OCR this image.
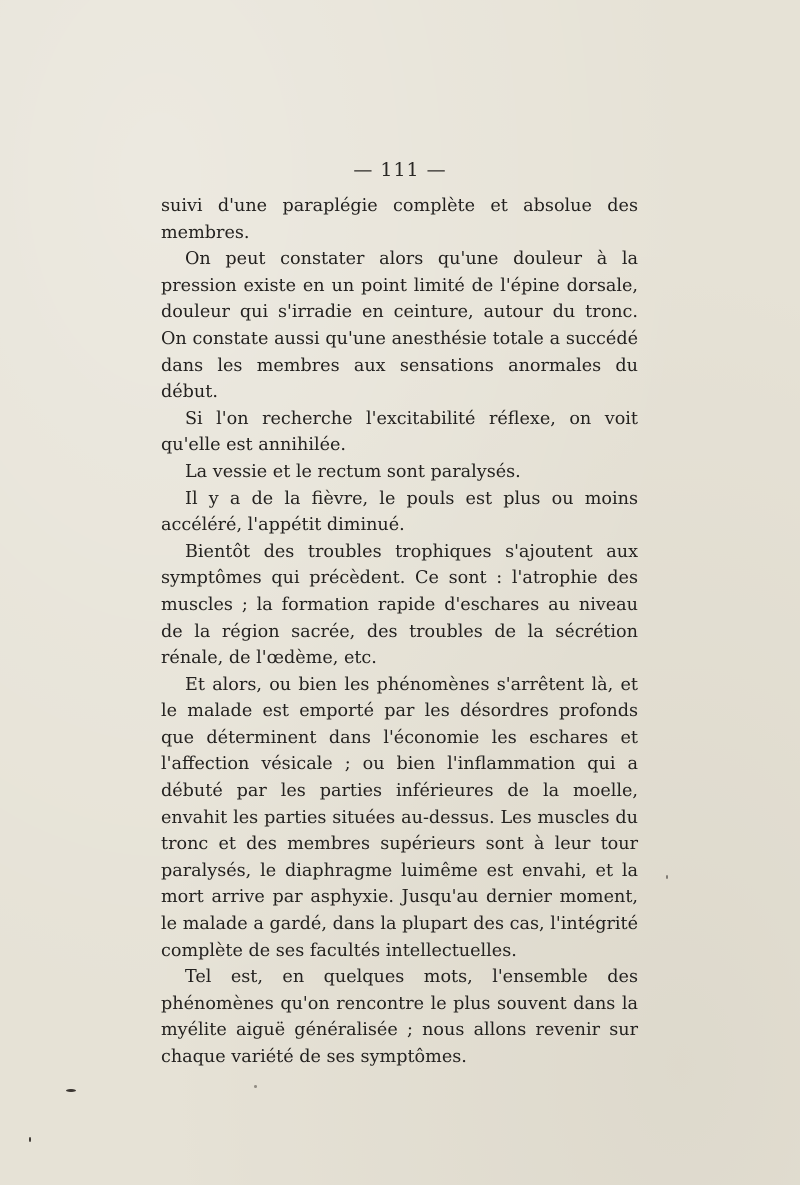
— 111 —

suivi d'une paraplégie complète et absolue des membres.

On peut constater alors qu'une douleur à la pression existe en un point limité de l'épine dorsale, douleur qui s'irradie en ceinture, autour du tronc. On constate aussi qu'une anesthésie totale a succédé dans les membres aux sensations anormales du début.

Si l'on recherche l'excitabilité réflexe, on voit qu'elle est annihilée.

La vessie et le rectum sont paralysés.

Il y a de la fièvre, le pouls est plus ou moins accéléré, l'appétit diminué.

Bientôt des troubles trophiques s'ajoutent aux symptômes qui précèdent. Ce sont : l'atrophie des muscles ; la formation rapide d'eschares au niveau de la région sacrée, des troubles de la sécrétion rénale, de l'œdème, etc.

Et alors, ou bien les phénomènes s'arrêtent là, et le malade est emporté par les désordres profonds que déterminent dans l'économie les eschares et l'affection vésicale ; ou bien l'inflammation qui a débuté par les parties inférieures de la moelle, envahit les parties situées au-dessus. Les muscles du tronc et des membres supérieurs sont à leur tour paralysés, le diaphragme luimême est envahi, et la mort arrive par asphyxie. Jusqu'au dernier moment, le malade a gardé, dans la plupart des cas, l'intégrité complète de ses facultés intellectuelles.

Tel est, en quelques mots, l'ensemble des phénomènes qu'on rencontre le plus souvent dans la myélite aiguë généralisée ; nous allons revenir sur chaque variété de ses symptômes.
